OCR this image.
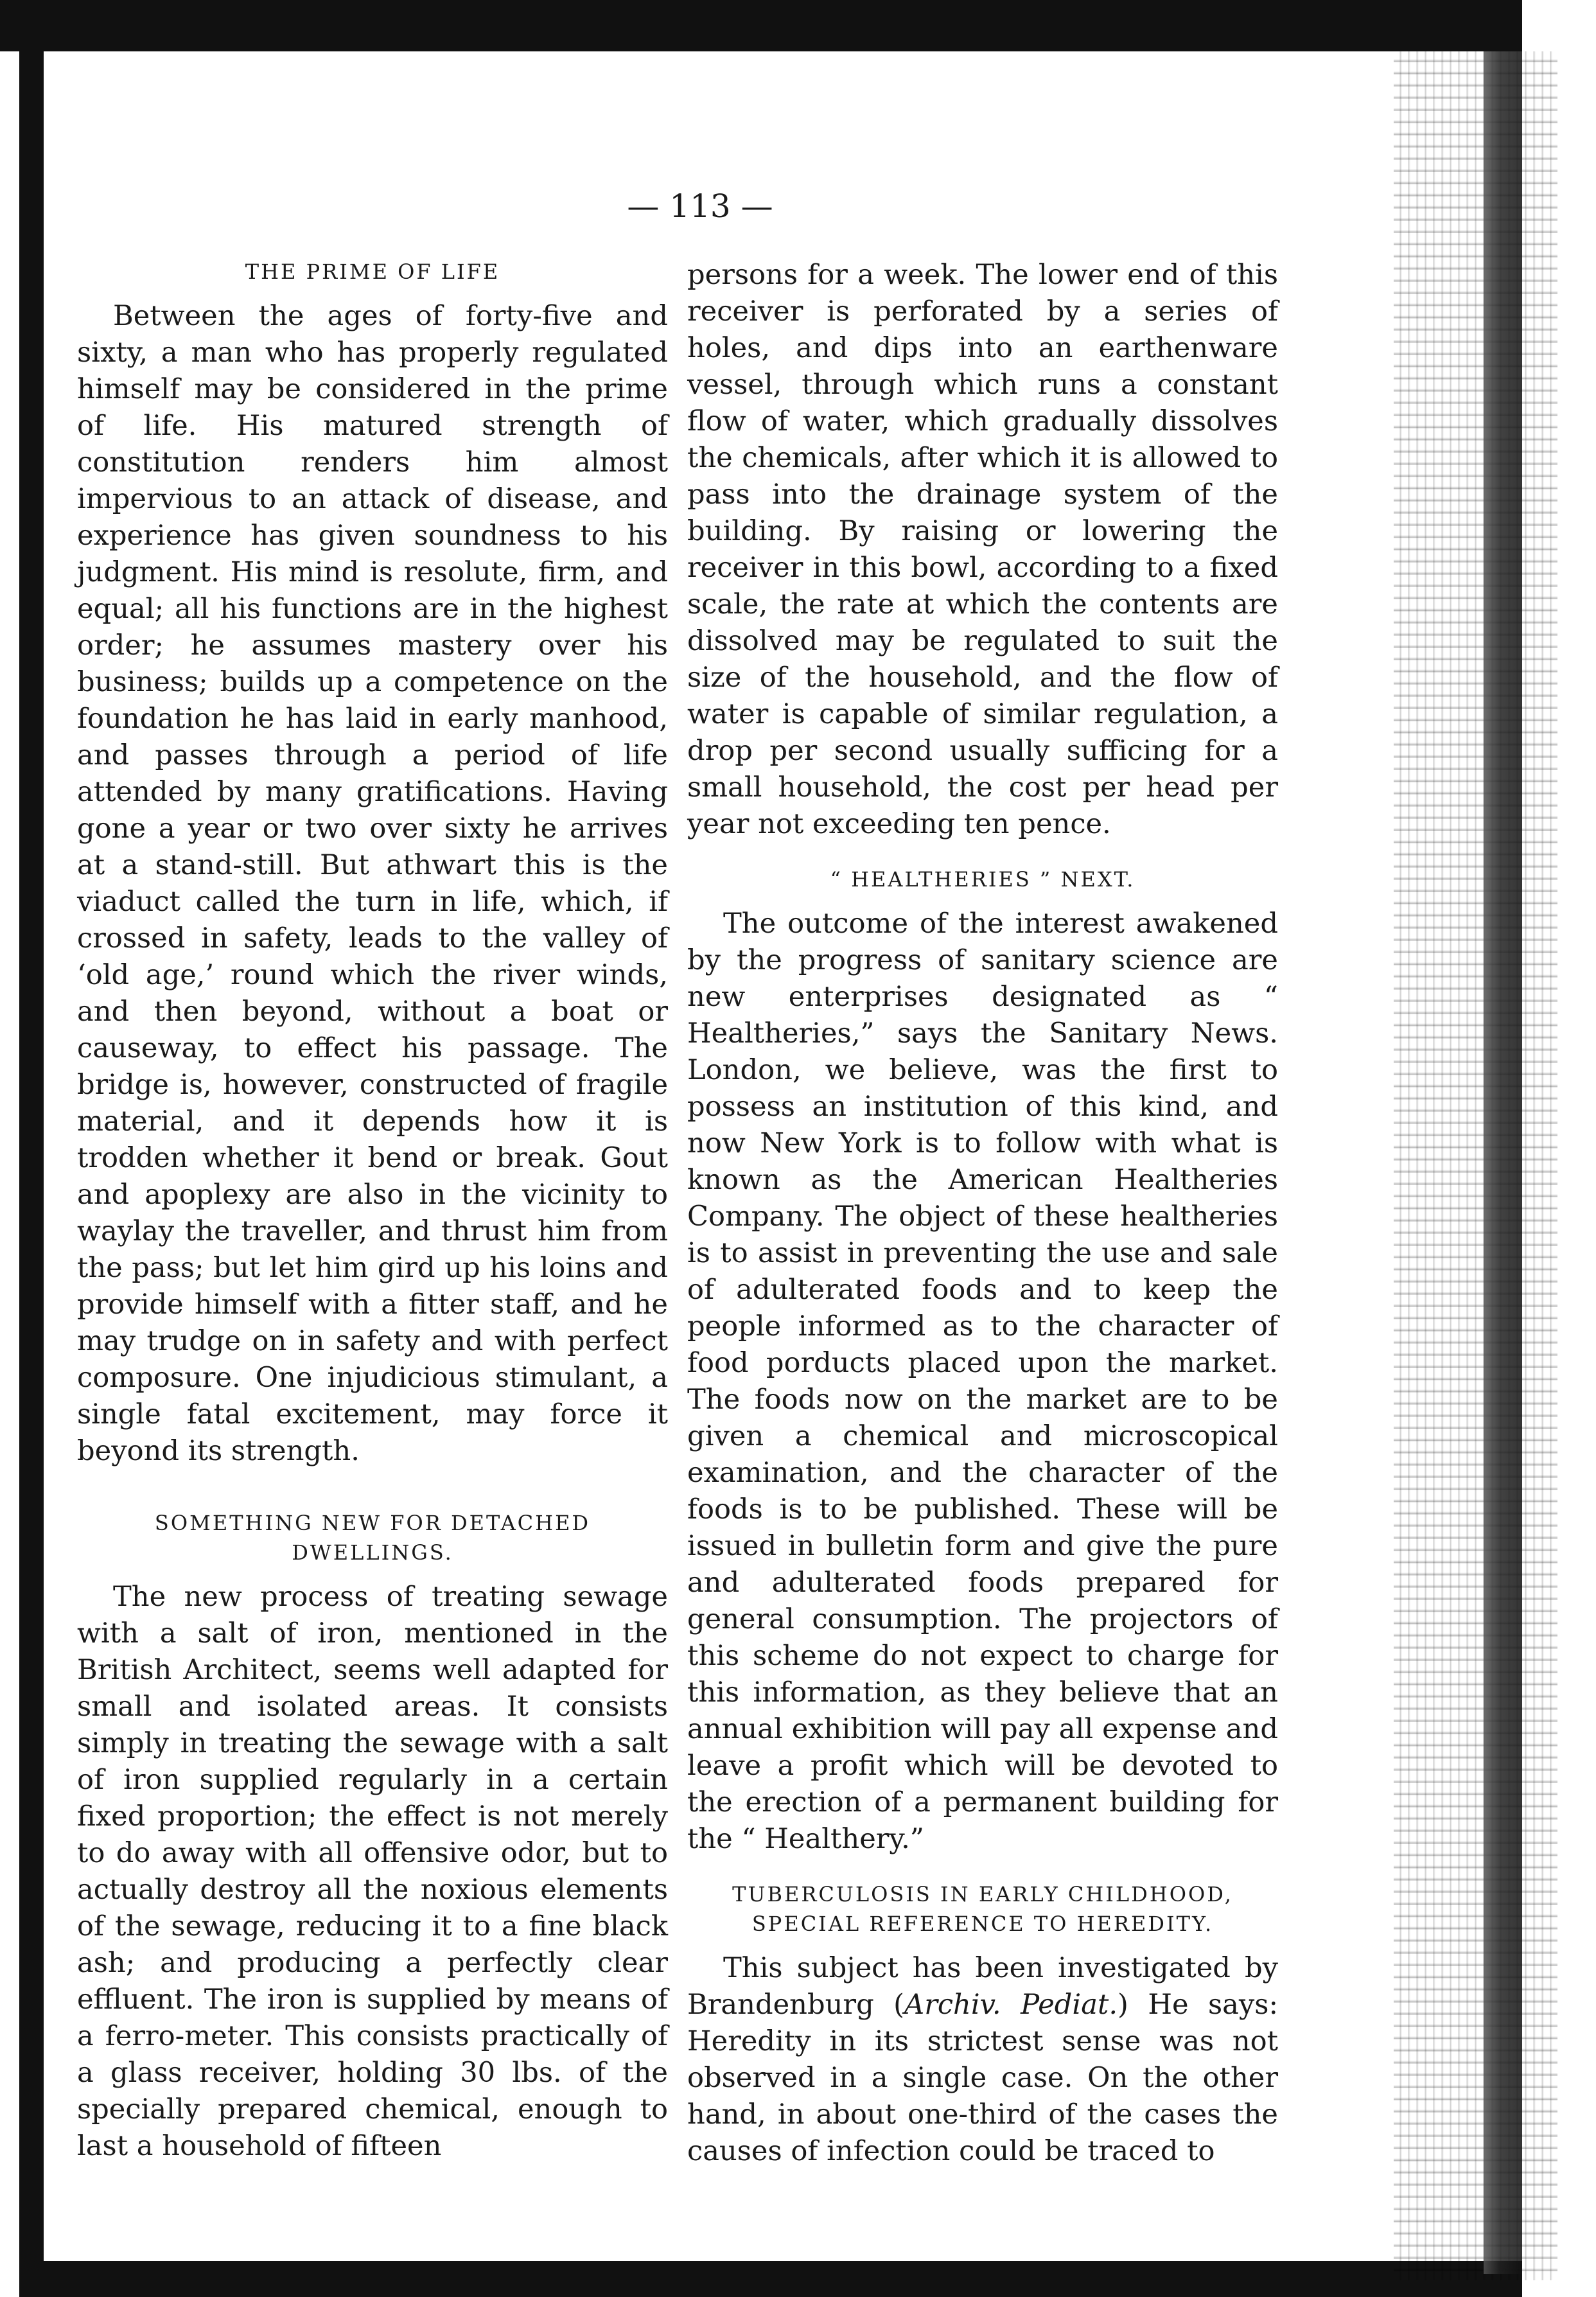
— 113 —
THE PRIME OF LIFE

Between the ages of forty-five and sixty, a man who has properly regulated himself may be considered in the prime of life. His matured strength of constitution renders him almost impervious to an attack of disease, and experience has given soundness to his judgment. His mind is resolute, firm, and equal; all his functions are in the highest order; he assumes mastery over his business; builds up a competence on the foundation he has laid in early manhood, and passes through a period of life attended by many gratifications. Having gone a year or two over sixty he arrives at a stand-still. But athwart this is the viaduct called the turn in life, which, if crossed in safety, leads to the valley of ‘old age,’ round which the river winds, and then beyond, without a boat or causeway, to effect his passage. The bridge is, however, constructed of fragile material, and it depends how it is trodden whether it bend or break. Gout and apoplexy are also in the vicinity to waylay the traveller, and thrust him from the pass; but let him gird up his loins and provide himself with a fitter staff, and he may trudge on in safety and with perfect composure. One injudicious stimulant, a single fatal excitement, may force it beyond its strength.

SOMETHING NEW FOR DETACHED DWELLINGS.

The new process of treating sewage with a salt of iron, mentioned in the British Architect, seems well adapted for small and isolated areas. It consists simply in treating the sewage with a salt of iron supplied regularly in a certain fixed proportion; the effect is not merely to do away with all offensive odor, but to actually destroy all the noxious elements of the sewage, reducing it to a fine black ash; and producing a perfectly clear effluent. The iron is supplied by means of a ferro-meter. This consists practically of a glass receiver, holding 30 lbs. of the specially prepared chemical, enough to last a household of fifteen

persons for a week. The lower end of this receiver is perforated by a series of holes, and dips into an earthenware vessel, through which runs a constant flow of water, which gradually dissolves the chemicals, after which it is allowed to pass into the drainage system of the building. By raising or lowering the receiver in this bowl, according to a fixed scale, the rate at which the contents are dissolved may be regulated to suit the size of the household, and the flow of water is capable of similar regulation, a drop per second usually sufficing for a small household, the cost per head per year not exceeding ten pence.

“ HEALTHERIES ” NEXT.

The outcome of the interest awakened by the progress of sanitary science are new enterprises designated as “ Healtheries,” says the Sanitary News. London, we believe, was the first to possess an institution of this kind, and now New York is to follow with what is known as the American Healtheries Company. The object of these healtheries is to assist in preventing the use and sale of adulterated foods and to keep the people informed as to the character of food porducts placed upon the market. The foods now on the market are to be given a chemical and microscopical examination, and the character of the foods is to be published. These will be issued in bulletin form and give the pure and adulterated foods prepared for general consumption. The projectors of this scheme do not expect to charge for this information, as they believe that an annual exhibition will pay all expense and leave a profit which will be devoted to the erection of a permanent building for the “ Healthery.”

TUBERCULOSIS IN EARLY CHILDHOOD,
SPECIAL REFERENCE TO HEREDITY.

This subject has been investigated by Brandenburg (Archiv. Pediat.) He says: Heredity in its strictest sense was not observed in a single case. On the other hand, in about one-third of the cases the causes of infection could be traced to
